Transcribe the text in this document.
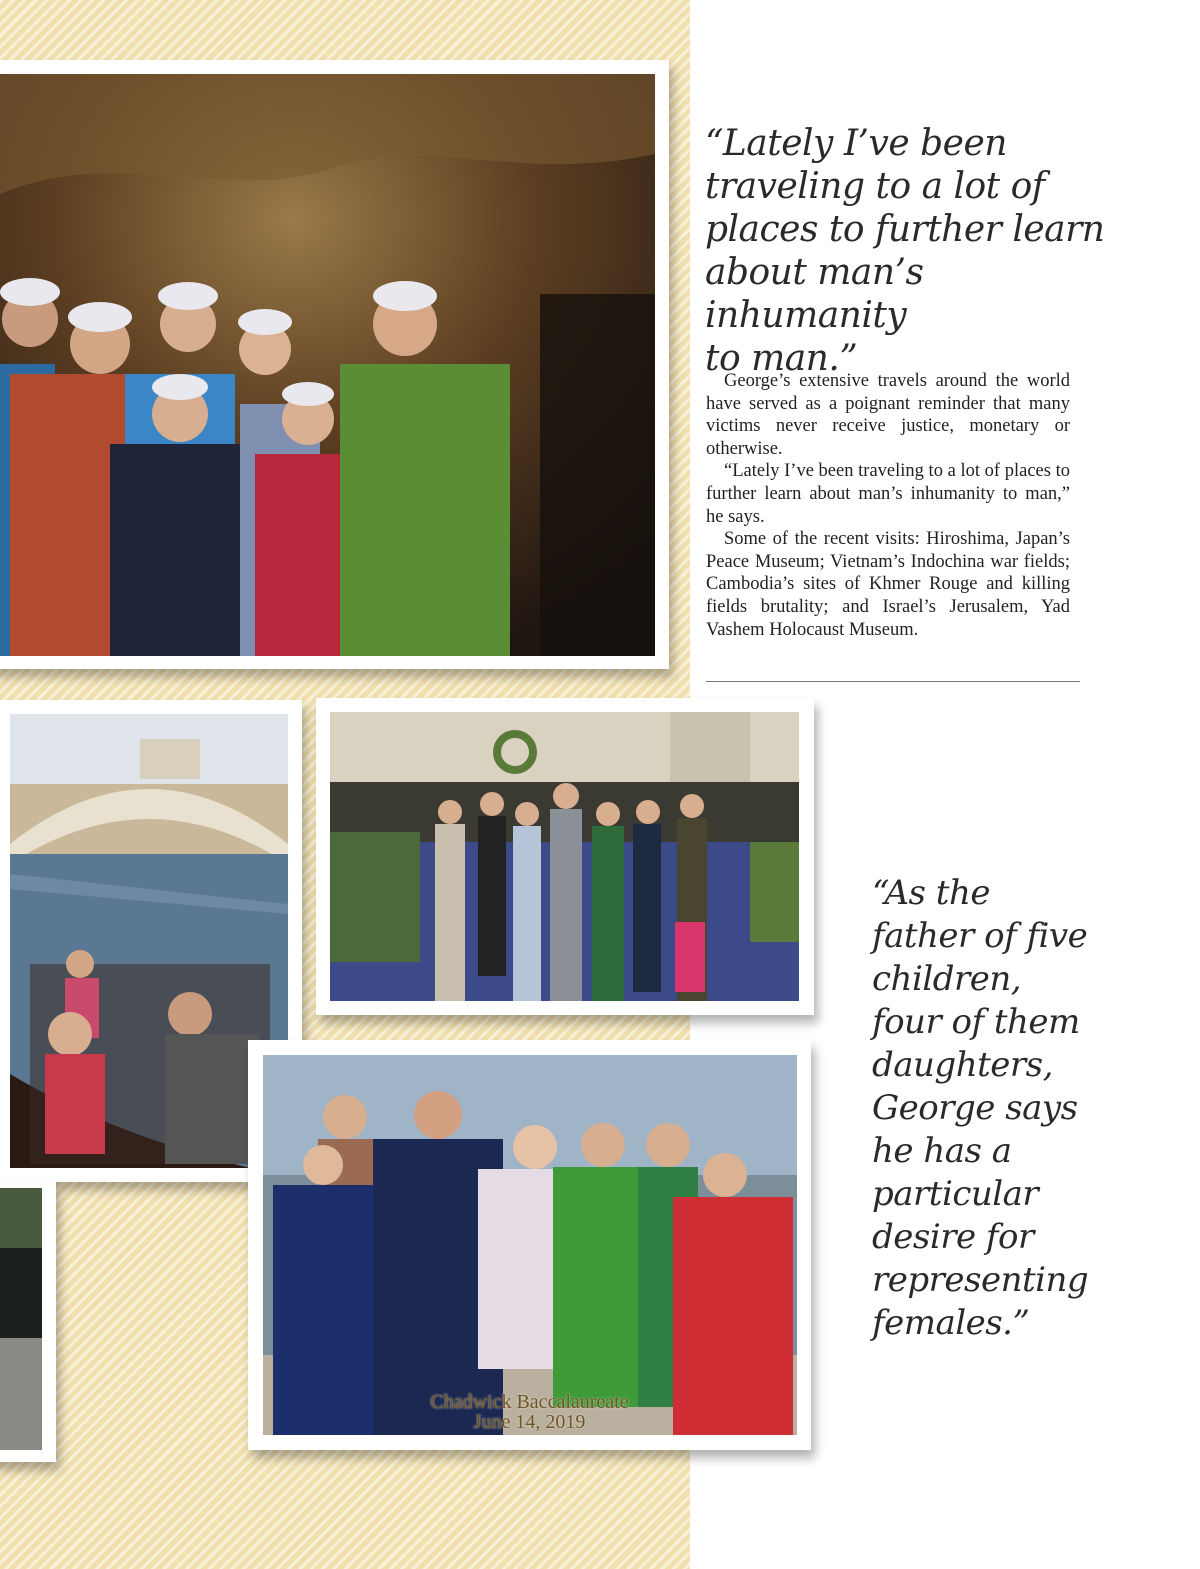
Chadwick Baccalaureate
June 14, 2019
“Lately I’ve been
traveling to a lot of
places to further learn
about man’s inhumanity
to man.”

George’s extensive travels around the world have served as a poignant reminder that many victims never receive justice, monetary or otherwise.

“Lately I’ve been traveling to a lot of places to further learn about man’s inhumanity to man,” he says.

Some of the recent visits: Hiroshima, Japan’s Peace Museum; Vietnam’s Indochina war fields; Cambodia’s sites of Khmer Rouge and killing fields brutality; and Israel’s Jerusalem, Yad Vashem Holocaust Museum.

“As the
father of five
children,
four of them
daughters,
George says
he has a
particular
desire for
representing
females.”
